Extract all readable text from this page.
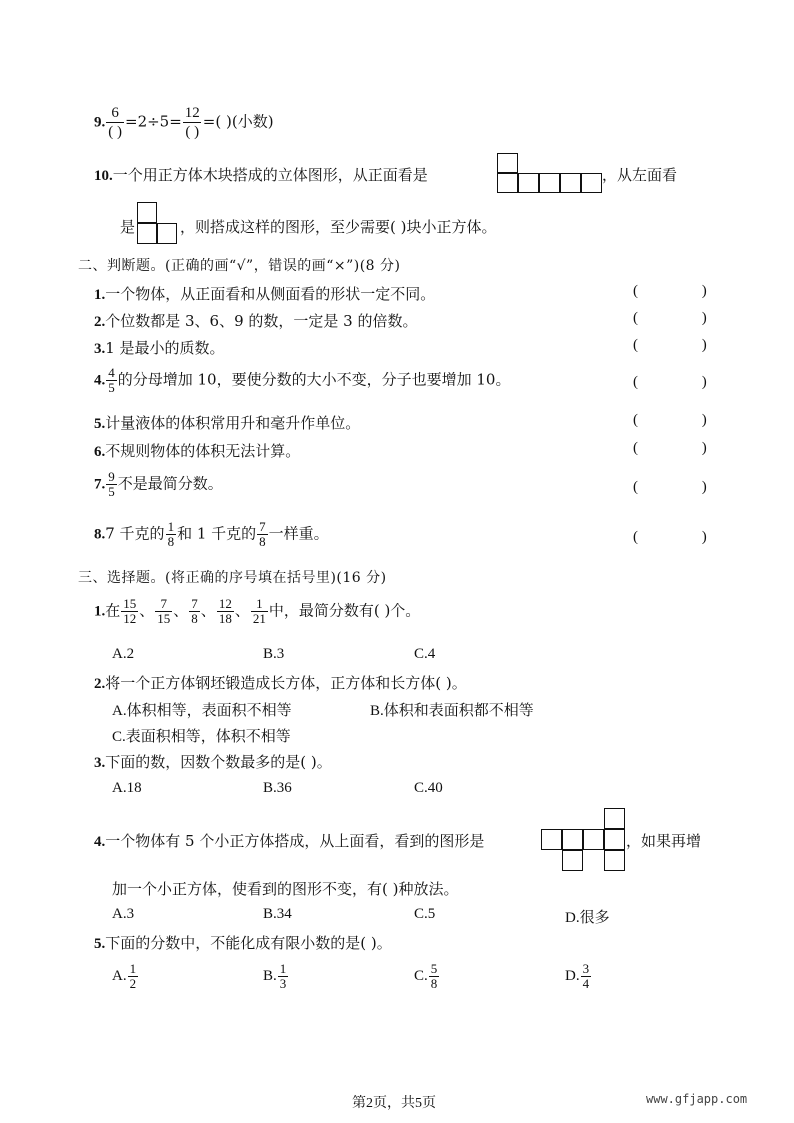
9. $\frac{6}{( )} =2\div 5= \frac{12}{( )}$ =( )(小数)
10.一个用正方体木块搭成的立体图形，从正面看是	，从左面看
是	，则搭成这样的图形，至少需要( )块小正方体。
二、判断题。(正确的画“√”，错误的画“×”)(8 分)
1.一个物体，从正面看和从侧面看的形状一定不同。	( )
2.个位数都是 3、6、9 的数，一定是 3 的倍数。	( )
3.1 是最小的质数。	( )
4. $\frac{4}{5}$ 的分母增加 10，要使分数的大小不变，分子也要增加 10。	( )
5.计量液体的体积常用升和毫升作单位。	( )
6.不规则物体的体积无法计算。	( )
7. $\frac{9}{5}$ 不是最简分数。	( )
8.7 千克的 $\frac{1}{8}$ 和 1 千克的 $\frac{7}{8}$ 一样重。	( )
三、选择题。(将正确的序号填在括号里)(16 分)
1.在 $\frac{15}{12}$ 、 $\frac{7}{15}$ 、 $\frac{7}{8}$ 、 $\frac{12}{18}$ 、 $\frac{1}{21}$ 中，最简分数有( )个。
A.2	B.3	C.4
2.将一个正方体钢坯锻造成长方体，正方体和长方体( )。
A.体积相等，表面积不相等	B.体积和表面积都不相等
C.表面积相等，体积不相等
3.下面的数，因数个数最多的是( )。
A.18	B.36	C.40
4.一个物体有 5 个小正方体搭成，从上面看，看到的图形是	，如果再增
加一个小正方体，使看到的图形不变，有( )种放法。
A.3	B.34	C.5	D.很多
5.下面的分数中，不能化成有限小数的是( )。
A. $\frac{1}{2}$	B. $\frac{1}{3}$	C. $\frac{5}{8}$	D. $\frac{3}{4}$
第2页，共5页	www.gfjapp.com
